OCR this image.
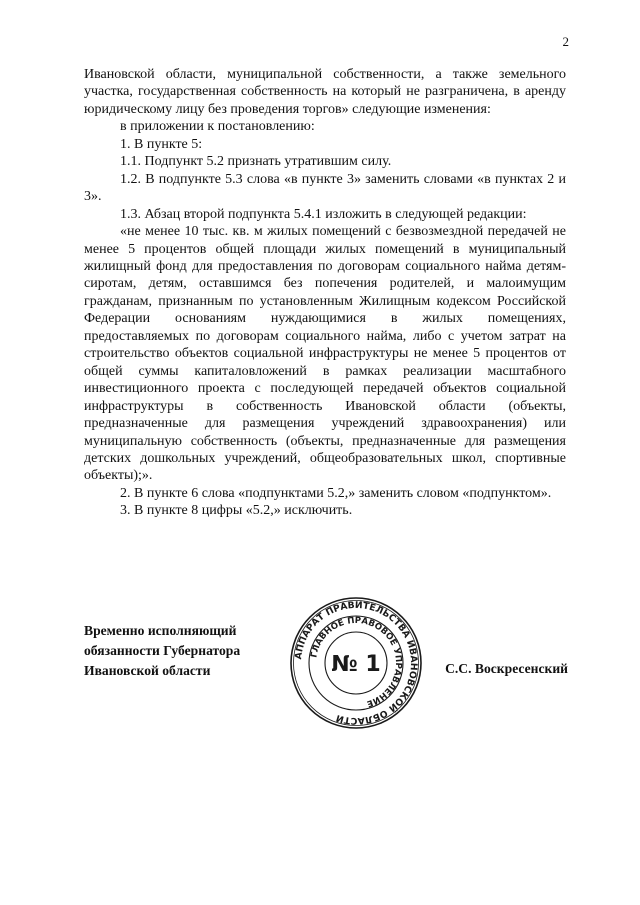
2

Ивановской области, муниципальной собственности, а также земельного участка, государственная собственность на который не разграничена, в аренду юридическому лицу без проведения торгов» следующие изменения:

в приложении к постановлению:

1. В пункте 5:

1.1. Подпункт 5.2 признать утратившим силу.

1.2. В подпункте 5.3 слова «в пункте 3» заменить словами «в пунктах 2 и 3».

1.3. Абзац второй подпункта 5.4.1 изложить в следующей редакции:

«не менее 10 тыс. кв. м жилых помещений с безвозмездной передачей не менее 5 процентов общей площади жилых помещений в муниципальный жилищный фонд для предоставления по договорам социального найма детям-сиротам, детям, оставшимся без попечения родителей, и малоимущим гражданам, признанным по установленным Жилищным кодексом Российской Федерации основаниям нуждающимися в жилых помещениях, предоставляемых по договорам социального найма, либо с учетом затрат на строительство объектов социальной инфраструктуры не менее 5 процентов от общей суммы капиталовложений в рамках реализации масштабного инвестиционного проекта с последующей передачей объектов социальной инфраструктуры в собственность Ивановской области (объекты, предназначенные для размещения учреждений здравоохранения) или муниципальную собственность (объекты, предназначенные для размещения детских дошкольных учреждений, общеобразовательных школ, спортивные объекты);».

2. В пункте 6 слова «подпунктами 5.2,» заменить словом «подпунктом».

3. В пункте 8 цифры «5.2,» исключить.

Временно исполняющий
обязанности Губернатора
Ивановской области
АППАРАТ ПРАВИТЕЛЬСТВА ИВАНОВСКОЙ ОБЛАСТИ
ГЛАВНОЕ ПРАВОВОЕ УПРАВЛЕНИЕ
№ 1	С.С. Воскресенский
